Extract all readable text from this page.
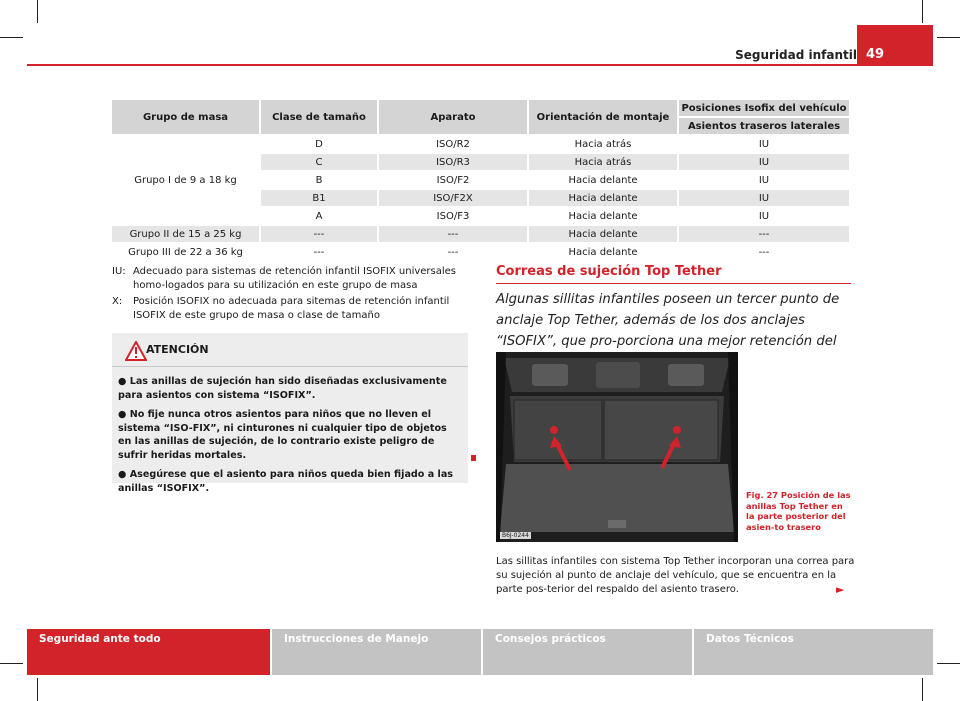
Seguridad infantil 49
Grupo de masa	Clase de tamaño	Aparato	Orientación de montaje	Posiciones Isofix del vehículo
				Asientos traseros laterales
Grupo I de 9 a 18 kg	D	ISO/R2	Hacia atrás	IU
	C	ISO/R3	Hacia atrás	IU
	B	ISO/F2	Hacia delante	IU
	B1	ISO/F2X	Hacia delante	IU
	A	ISO/F3	Hacia delante	IU
Grupo II de 15 a 25 kg	---	---	Hacia delante	---
Grupo III de 22 a 36 kg	---	---	Hacia delante	---
IU: Adecuado para sistemas de retención infantil ISOFIX universales homo-logados para su utilización en este grupo de masa
X:	Posición ISOFIX no adecuada para sitemas de retención infantil ISOFIX de este grupo de masa o clase de tamaño
ATENCIÓN

● Las anillas de sujeción han sido diseñadas exclusivamente para asientos con sistema “ISOFIX”.

● No fije nunca otros asientos para niños que no lleven el sistema “ISO-FIX”, ni cinturones ni cualquier tipo de objetos en las anillas de sujeción, de lo contrario existe peligro de sufrir heridas mortales.

● Asegúrese que el asiento para niños queda bien fijado a las anillas “ISOFIX”.

Correas de sujeción Top Tether
Algunas sillitas infantiles poseen un tercer punto de anclaje Top Tether, además de los dos anclajes “ISOFIX”, que pro-porciona una mejor retención del
B6J-0244
Fig. 27 Posición de las anillas Top Tether en la parte posterior del asien-to trasero
Las sillitas infantiles con sistema Top Tether incorporan una correa para su sujeción al punto de anclaje del vehículo, que se encuentra en la parte pos-terior del respaldo del asiento trasero.	►
Seguridad ante todo	Instrucciones de Manejo	Consejos prácticos	Datos Técnicos
